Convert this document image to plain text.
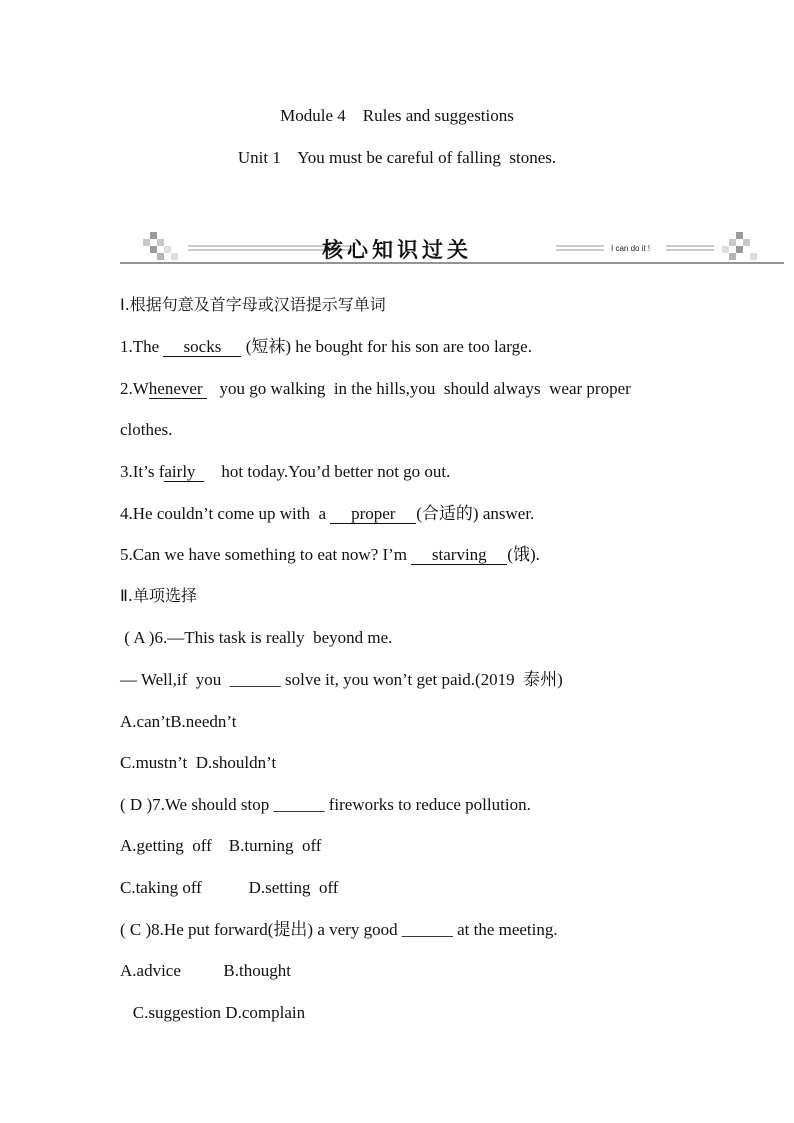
Module 4    Rules and suggestions
Unit 1    You must be careful of falling  stones.
核心知识过关	I can do it !
Ⅰ.根据句意及首字母或汉语提示写单词
1.The socks (短袜) he bought for his son are too large.
2.Whenever   you go walking  in the hills,you  should always  wear proper
clothes.
3.It’s fairly    hot today.You’d better not go out.
4.He couldn’t come up with  a proper (合适的) answer.
5.Can we have something to eat now? I’m starving (饿).
Ⅱ.单项选择
( A )6.—This task is really  beyond me.
— Well,if  you  ______ solve it, you won’t get paid.(2019  泰州)
A.can’tB.needn’t
C.mustn’t  D.shouldn’t
( D )7.We should stop ______ fireworks to reduce pollution.
A.getting  off    B.turning  off
C.taking off           D.setting  off
( C )8.He put forward(提出) a very good ______ at the meeting.
A.advice          B.thought
C.suggestion D.complain
